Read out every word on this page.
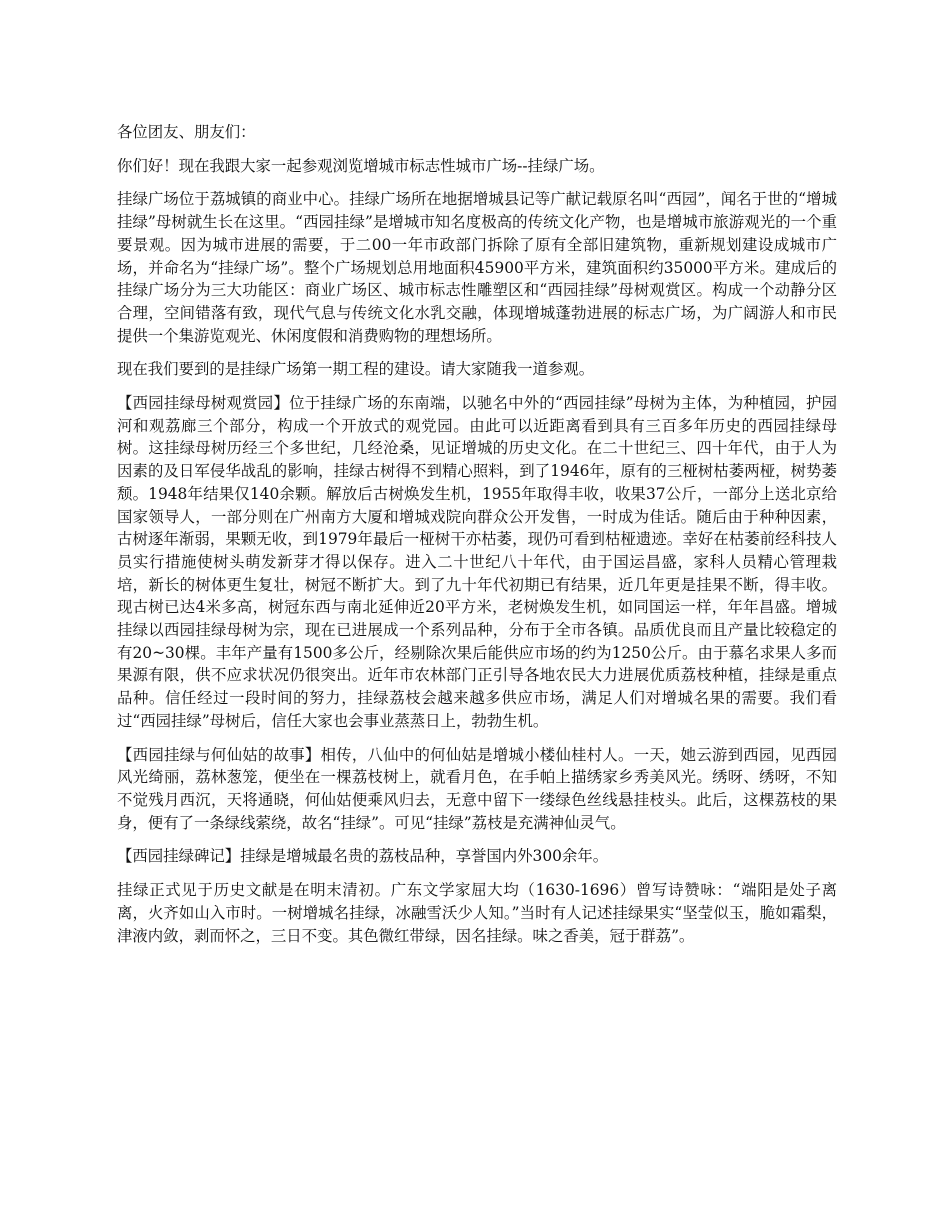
各位团友、朋友们：

你们好！现在我跟大家一起参观浏览增城市标志性城市广场--挂绿广场。

挂绿广场位于荔城镇的商业中心。挂绿广场所在地据增城县记等广献记载原名叫“西园”，闻名于世的“增城挂绿”母树就生长在这里。“西园挂绿”是增城市知名度极高的传统文化产物，也是增城市旅游观光的一个重要景观。因为城市进展的需要，于二00一年市政部门拆除了原有全部旧建筑物，重新规划建设成城市广场，并命名为“挂绿广场”。整个广场规划总用地面积45900平方米，建筑面积约35000平方米。建成后的挂绿广场分为三大功能区：商业广场区、城市标志性雕塑区和“西园挂绿”母树观赏区。构成一个动静分区合理，空间错落有致，现代气息与传统文化水乳交融，体现增城蓬勃进展的标志广场，为广阔游人和市民提供一个集游览观光、休闲度假和消费购物的理想场所。

现在我们要到的是挂绿广场第一期工程的建设。请大家随我一道参观。

【西园挂绿母树观赏园】位于挂绿广场的东南端，以驰名中外的“西园挂绿”母树为主体，为种植园，护园河和观荔廊三个部分，构成一个开放式的观党园。由此可以近距离看到具有三百多年历史的西园挂绿母树。这挂绿母树历经三个多世纪，几经沧桑，见证增城的历史文化。在二十世纪三、四十年代，由于人为因素的及日军侵华战乱的影响，挂绿古树得不到精心照料，到了1946年，原有的三桠树枯萎两桠，树势萎颓。1948年结果仅140余颗。解放后古树焕发生机，1955年取得丰收，收果37公斤，一部分上送北京给国家领导人，一部分则在广州南方大厦和增城戏院向群众公开发售，一时成为佳话。随后由于种种因素，古树逐年渐弱，果颗无收，到1979年最后一桠树干亦枯萎，现仍可看到枯桠遗迹。幸好在枯萎前经科技人员实行措施使树头萌发新芽才得以保存。进入二十世纪八十年代，由于国运昌盛，家科人员精心管理栽培，新长的树体更生复壮，树冠不断扩大。到了九十年代初期已有结果，近几年更是挂果不断，得丰收。现古树已达4米多高，树冠东西与南北延伸近20平方米，老树焕发生机，如同国运一样，年年昌盛。增城挂绿以西园挂绿母树为宗，现在已进展成一个系列品种，分布于全市各镇。品质优良而且产量比较稳定的有20~30棵。丰年产量有1500多公斤，经剔除次果后能供应市场的约为1250公斤。由于慕名求果人多而果源有限，供不应求状况仍很突出。近年市农林部门正引导各地农民大力进展优质荔枝种植，挂绿是重点品种。信任经过一段时间的努力，挂绿荔枝会越来越多供应市场，满足人们对增城名果的需要。我们看过“西园挂绿”母树后，信任大家也会事业蒸蒸日上，勃勃生机。

【西园挂绿与何仙姑的故事】相传，八仙中的何仙姑是增城小楼仙桂村人。一天，她云游到西园，见西园风光绮丽，荔林葱笼，便坐在一棵荔枝树上，就看月色，在手帕上描绣家乡秀美风光。绣呀、绣呀，不知不觉残月西沉，天将通晓，何仙姑便乘风归去，无意中留下一缕绿色丝线悬挂枝头。此后，这棵荔枝的果身，便有了一条绿线萦绕，故名“挂绿”。可见“挂绿”荔枝是充满神仙灵气。

【西园挂绿碑记】挂绿是增城最名贵的荔枝品种，享誉国内外300余年。

挂绿正式见于历史文献是在明末清初。广东文学家屈大均（1630-1696）曾写诗赞咏：“端阳是处子离离，火齐如山入市时。一树增城名挂绿，冰融雪沃少人知。”当时有人记述挂绿果实“坚莹似玉，脆如霜梨，津液内敛，剥而怀之，三日不变。其色微红带绿，因名挂绿。味之香美，冠于群荔”。
